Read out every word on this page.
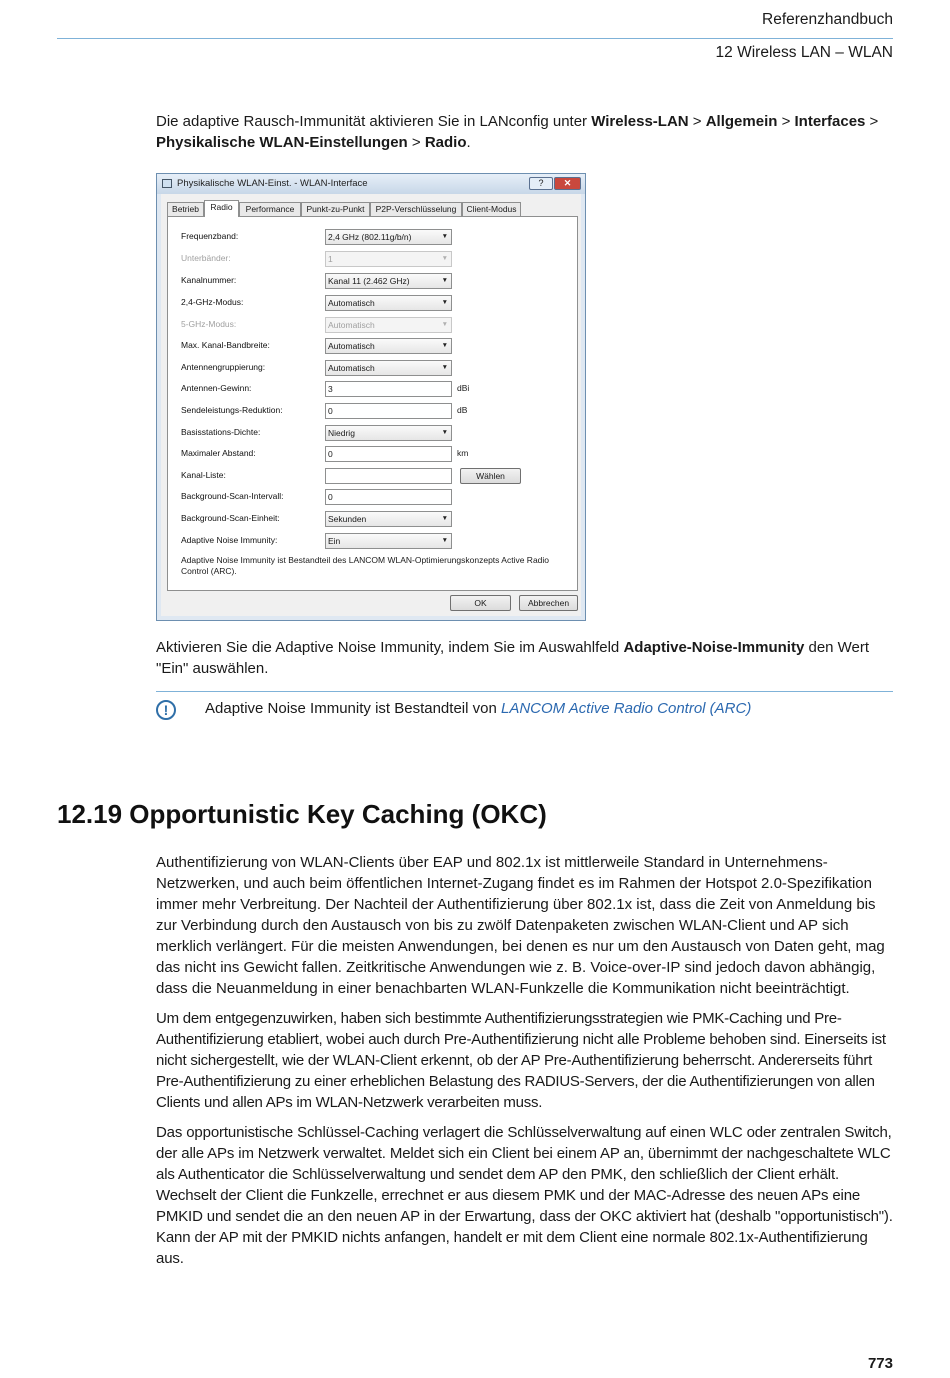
Referenzhandbuch
12 Wireless LAN – WLAN
Die adaptive Rausch-Immunität aktivieren Sie in LANconfig unter Wireless-LAN > Allgemein > Interfaces >
Physikalische WLAN-Einstellungen > Radio.
Physikalische WLAN-Einst. - WLAN-Interface	?	✕
Betrieb	Radio	Performance	Punkt-zu-Punkt	P2P-Verschlüsselung	Client-Modus
Frequenzband:	2,4 GHz (802.11g/b/n) ▼
Unterbänder:	1 ▼
Kanalnummer:	Kanal 11 (2.462 GHz) ▼
2,4-GHz-Modus:	Automatisch ▼
5-GHz-Modus:	Automatisch ▼
Max. Kanal-Bandbreite:	Automatisch ▼
Antennengruppierung:	Automatisch ▼
Antennen-Gewinn:	3	dBi
Sendeleistungs-Reduktion:	0	dB
Basisstations-Dichte:	Niedrig ▼
Maximaler Abstand:	0	km
Kanal-Liste:	Wählen
Background-Scan-Intervall:	0
Background-Scan-Einheit:	Sekunden ▼
Adaptive Noise Immunity:	Ein ▼
Adaptive Noise Immunity ist Bestandteil des LANCOM WLAN-Optimierungskonzepts Active Radio Control (ARC).
OK	Abbrechen
Aktivieren Sie die Adaptive Noise Immunity, indem Sie im Auswahlfeld Adaptive-Noise-Immunity den Wert "Ein" auswählen.
!	Adaptive Noise Immunity ist Bestandteil von LANCOM Active Radio Control (ARC)
12.19 Opportunistic Key Caching (OKC)
Authentifizierung von WLAN-Clients über EAP und 802.1x ist mittlerweile Standard in Unternehmens-Netzwerken, und auch beim öffentlichen Internet-Zugang findet es im Rahmen der Hotspot 2.0-Spezifikation immer mehr Verbreitung. Der Nachteil der Authentifizierung über 802.1x ist, dass die Zeit von Anmeldung bis zur Verbindung durch den Austausch von bis zu zwölf Datenpaketen zwischen WLAN-Client und AP sich merklich verlängert. Für die meisten Anwendungen, bei denen es nur um den Austausch von Daten geht, mag das nicht ins Gewicht fallen. Zeitkritische Anwendungen wie z. B. Voice-over-IP sind jedoch davon abhängig, dass die Neuanmeldung in einer benachbarten WLAN-Funkzelle die Kommunikation nicht beeinträchtigt.
Um dem entgegenzuwirken, haben sich bestimmte Authentifizierungsstrategien wie PMK-Caching und Pre-Authentifizierung etabliert, wobei auch durch Pre-Authentifizierung nicht alle Probleme behoben sind. Einerseits ist nicht sichergestellt, wie der WLAN-Client erkennt, ob der AP Pre-Authentifizierung beherrscht. Andererseits führt Pre-Authentifizierung zu einer erheblichen Belastung des RADIUS-Servers, der die Authentifizierungen von allen Clients und allen APs im WLAN-Netzwerk verarbeiten muss.
Das opportunistische Schlüssel-Caching verlagert die Schlüsselverwaltung auf einen WLC oder zentralen Switch, der alle APs im Netzwerk verwaltet. Meldet sich ein Client bei einem AP an, übernimmt der nachgeschaltete WLC als Authenticator die Schlüsselverwaltung und sendet dem AP den PMK, den schließlich der Client erhält. Wechselt der Client die Funkzelle, errechnet er aus diesem PMK und der MAC-Adresse des neuen APs eine PMKID und sendet die an den neuen AP in der Erwartung, dass der OKC aktiviert hat (deshalb "opportunistisch"). Kann der AP mit der PMKID nichts anfangen, handelt er mit dem Client eine normale 802.1x-Authentifizierung aus.
773
